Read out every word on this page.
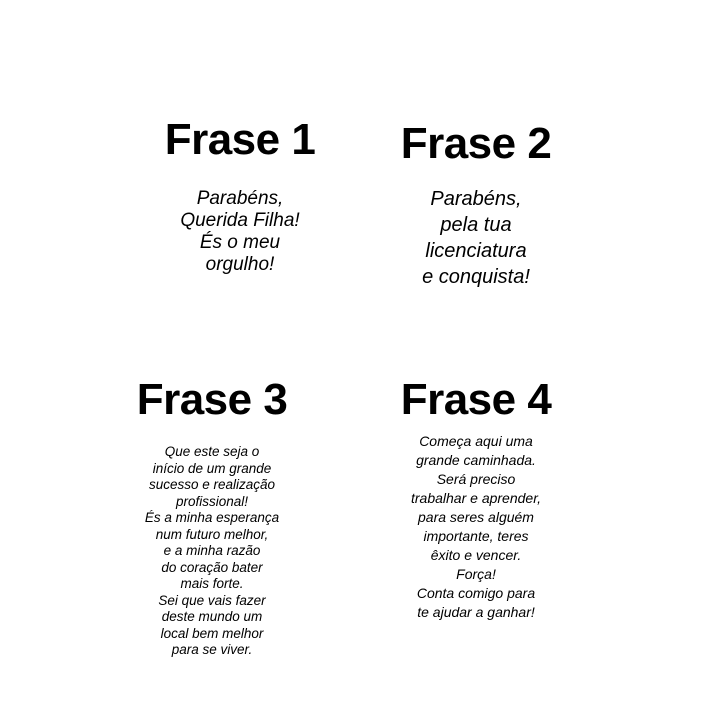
Frase 1
Parabéns,
Querida Filha!
És o meu
orgulho!
Frase 2
Parabéns,
pela tua
licenciatura
e conquista!
Frase 3
Que este seja o
início de um grande
sucesso e realização
profissional!
És a minha esperança
num futuro melhor,
e a minha razão
do coração bater
mais forte.
Sei que vais fazer
deste mundo um
local bem melhor
para se viver.
Frase 4
Começa aqui uma
grande caminhada.
Será preciso
trabalhar e aprender,
para seres alguém
importante, teres
êxito e vencer.
Força!
Conta comigo para
te ajudar a ganhar!
